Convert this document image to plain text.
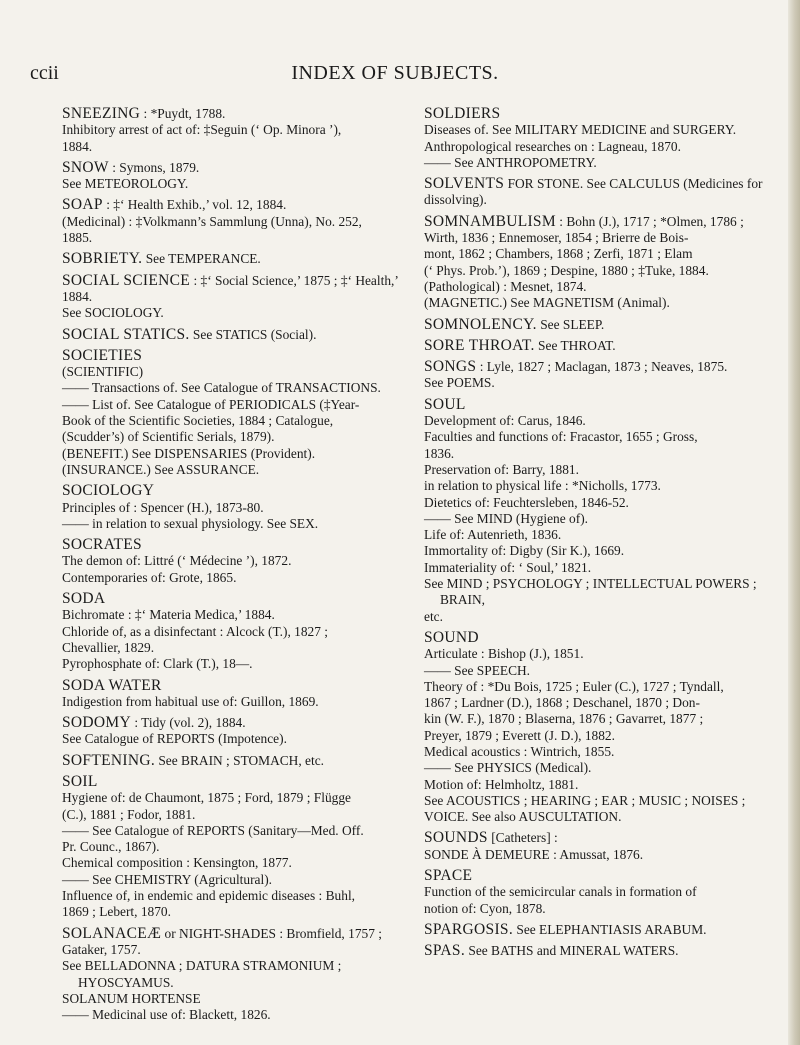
ccii	INDEX OF SUBJECTS.
SNEEZING : *Puydt, 1788.
Inhibitory arrest of act of: ‡Seguin (‘ Op. Minora ’),
1884.
SNOW : Symons, 1879.
See METEOROLOGY.
SOAP : ‡‘ Health Exhib.,’ vol. 12, 1884.
(Medicinal) : ‡Volkmann’s Sammlung (Unna), No. 252,
1885.
SOBRIETY. See TEMPERANCE.
SOCIAL SCIENCE : ‡‘ Social Science,’ 1875 ; ‡‘ Health,’
1884.
See SOCIOLOGY.
SOCIAL STATICS. See STATICS (Social).
SOCIETIES
(SCIENTIFIC)
—— Transactions of. See Catalogue of TRANSACTIONS.
—— List of. See Catalogue of PERIODICALS (‡Year-
Book of the Scientific Societies, 1884 ; Catalogue,
(Scudder’s) of Scientific Serials, 1879).
(BENEFIT.) See DISPENSARIES (Provident).
(INSURANCE.) See ASSURANCE.
SOCIOLOGY
Principles of : Spencer (H.), 1873-80.
—— in relation to sexual physiology. See SEX.
SOCRATES
The demon of: Littré (‘ Médecine ’), 1872.
Contemporaries of: Grote, 1865.
SODA
Bichromate : ‡‘ Materia Medica,’ 1884.
Chloride of, as a disinfectant : Alcock (T.), 1827 ;
Chevallier, 1829.
Pyrophosphate of: Clark (T.), 18—.
SODA WATER
Indigestion from habitual use of: Guillon, 1869.
SODOMY : Tidy (vol. 2), 1884.
See Catalogue of REPORTS (Impotence).
SOFTENING. See BRAIN ; STOMACH, etc.
SOIL
Hygiene of: de Chaumont, 1875 ; Ford, 1879 ; Flügge
(C.), 1881 ; Fodor, 1881.
—— See Catalogue of REPORTS (Sanitary—Med. Off.
Pr. Counc., 1867).
Chemical composition : Kensington, 1877.
—— See CHEMISTRY (Agricultural).
Influence of, in endemic and epidemic diseases : Buhl,
1869 ; Lebert, 1870.
SOLANACEÆ or NIGHT-SHADES : Bromfield, 1757 ;
Gataker, 1757.
See BELLADONNA ; DATURA STRAMONIUM ; HYOSCYAMUS.
SOLANUM HORTENSE
—— Medicinal use of: Blackett, 1826.
SOLDIERS
Diseases of. See MILITARY MEDICINE and SURGERY.
Anthropological researches on : Lagneau, 1870.
—— See ANTHROPOMETRY.
SOLVENTS FOR STONE. See CALCULUS (Medicines for
dissolving).
SOMNAMBULISM : Bohn (J.), 1717 ; *Olmen, 1786 ;
Wirth, 1836 ; Ennemoser, 1854 ; Brierre de Bois-
mont, 1862 ; Chambers, 1868 ; Zerfi, 1871 ; Elam
(‘ Phys. Prob.’), 1869 ; Despine, 1880 ; ‡Tuke, 1884.
(Pathological) : Mesnet, 1874.
(MAGNETIC.) See MAGNETISM (Animal).
SOMNOLENCY. See SLEEP.
SORE THROAT. See THROAT.
SONGS : Lyle, 1827 ; Maclagan, 1873 ; Neaves, 1875.
See POEMS.
SOUL
Development of: Carus, 1846.
Faculties and functions of: Fracastor, 1655 ; Gross,
1836.
Preservation of: Barry, 1881.
in relation to physical life : *Nicholls, 1773.
Dietetics of: Feuchtersleben, 1846-52.
—— See MIND (Hygiene of).
Life of: Autenrieth, 1836.
Immortality of: Digby (Sir K.), 1669.
Immateriality of: ‘ Soul,’ 1821.
See MIND ; PSYCHOLOGY ; INTELLECTUAL POWERS ; BRAIN,
etc.
SOUND
Articulate : Bishop (J.), 1851.
—— See SPEECH.
Theory of : *Du Bois, 1725 ; Euler (C.), 1727 ; Tyndall,
1867 ; Lardner (D.), 1868 ; Deschanel, 1870 ; Don-
kin (W. F.), 1870 ; Blaserna, 1876 ; Gavarret, 1877 ;
Preyer, 1879 ; Everett (J. D.), 1882.
Medical acoustics : Wintrich, 1855.
—— See PHYSICS (Medical).
Motion of: Helmholtz, 1881.
See ACOUSTICS ; HEARING ; EAR ; MUSIC ; NOISES ;
VOICE. See also AUSCULTATION.
SOUNDS [Catheters] :
SONDE À DEMEURE : Amussat, 1876.
SPACE
Function of the semicircular canals in formation of
notion of: Cyon, 1878.
SPARGOSIS. See ELEPHANTIASIS ARABUM.
SPAS. See BATHS and MINERAL WATERS.
